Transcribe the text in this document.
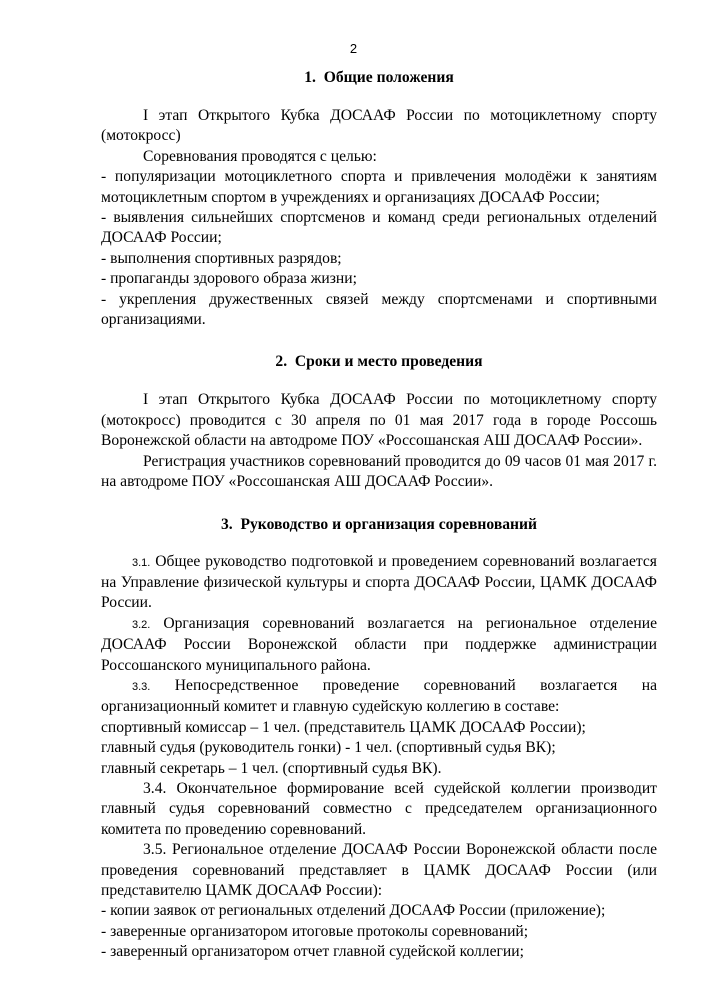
2
1.  Общие положения

I этап Открытого Кубка ДОСААФ России по мотоциклетному спорту (мотокросс)

Соревнования проводятся с целью:

- популяризации мотоциклетного спорта и привлечения молодёжи к занятиям мотоциклетным спортом в учреждениях и организациях ДОСААФ России;

- выявления сильнейших спортсменов и команд среди региональных отделений ДОСААФ России;

- выполнения спортивных разрядов;

- пропаганды здорового образа жизни;

- укрепления дружественных связей между спортсменами и спортивными организациями.

2.  Сроки и место проведения

I этап Открытого Кубка ДОСААФ России по мотоциклетному спорту (мотокросс) проводится с 30 апреля по 01 мая 2017 года в городе Россошь Воронежской области на автодроме ПОУ «Россошанская АШ ДОСААФ России».

Регистрация участников соревнований проводится до 09 часов 01 мая 2017 г. на автодроме ПОУ «Россошанская АШ ДОСААФ России».

3.  Руководство и организация соревнований

3.1. Общее руководство подготовкой и проведением соревнований возлагается на Управление физической культуры и спорта ДОСААФ России, ЦАМК ДОСААФ России.

3.2. Организация соревнований возлагается на региональное отделение ДОСААФ России Воронежской области при поддержке администрации Россошанского муниципального района.

3.3. Непосредственное проведение соревнований возлагается на организационный комитет и главную судейскую коллегию в составе:

спортивный комиссар – 1 чел. (представитель ЦАМК ДОСААФ России);

главный судья (руководитель гонки) - 1 чел. (спортивный судья ВК);

главный секретарь – 1 чел. (спортивный судья ВК).

3.4. Окончательное формирование всей судейской коллегии производит главный судья соревнований совместно с председателем организационного комитета по проведению соревнований.

3.5. Региональное отделение ДОСААФ России Воронежской области после проведения соревнований представляет в ЦАМК ДОСААФ России (или представителю ЦАМК ДОСААФ России):

- копии заявок от региональных отделений ДОСААФ России (приложение);

- заверенные организатором итоговые протоколы соревнований;

- заверенный организатором отчет главной судейской коллегии;
